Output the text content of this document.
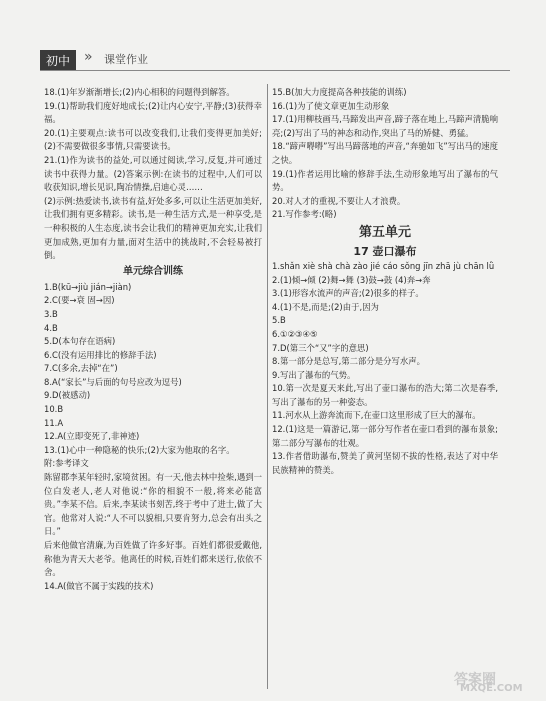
初中 » 课堂作业

18.(1)年岁渐渐增长;(2)内心相积的问题得到解答。

19.(1)帮助我们度好地成长;(2)让内心安宁,平静;(3)获得幸福。

20.(1)主要观点:读书可以改变我们,让我们变得更加美好;(2)不需要做很多事情,只需要读书。

21.(1)作为读书的益处,可以通过阅读,学习,反复,并可通过读书中获得力量。(2)答案示例:在读书的过程中,人们可以收获知识,增长见识,陶冶情操,启迪心灵……

(2)示例:热爱读书,读书有益,好处多多,可以让生活更加美好,让我们拥有更多精彩。读书,是一种生活方式,是一种享受,是一种积极的人生态度,读书会让我们的精神更加充实,让我们更加成熟,更加有力量,面对生活中的挑战时,不会轻易被打倒。

单元综合训练

1.B(kū→jiù jián→jiàn)

2.C(要→衰 固→因)

3.B

4.B

5.D(本句存在语病)

6.C(没有运用排比的修辞手法)

7.C(多余,去掉“在”)

8.A(“家长”与后面的句号应改为逗号)

9.D(被感动)

10.B

11.A

12.A(立即变死了,非神迹)

13.(1)心中一种隐秘的快乐;(2)大家为他取的名字。

附:参考译文

陈留郡李某年轻时,家境贫困。有一天,他去林中捡柴,遇到一位白发老人,老人对他说:“你的相貌不一般,将来必能富贵。”李某不信。后来,李某读书刻苦,终于考中了进士,做了大官。他常对人说:“人不可以貌相,只要肯努力,总会有出头之日。”

后来他做官清廉,为百姓做了许多好事。百姓们都很爱戴他,称他为青天大老爷。他离任的时候,百姓们都来送行,依依不舍。

14.A(做官不属于实践的技术)

15.B(加大力度提高各种技能的训练)

16.(1)为了使文章更加生动形象

17.(1)用柳枝画马,马蹄发出声音,蹄子落在地上,马蹄声清脆响亮;(2)写出了马的神态和动作,突出了马的矫健、勇猛。

18.“蹄声嘚嘚”写出马蹄落地的声音,“奔驰如飞”写出马的速度之快。

19.(1)作者运用比喻的修辞手法,生动形象地写出了瀑布的气势。

20.对人才的重视,不要让人才浪费。

21.写作参考:(略)

第五单元
17 壶口瀑布

1.shǎn xiè shà chà zào jié cáo sǒng jīn zhā jù chān lǜ

2.(1)倾→倾 (2)舞→舞 (3)鼓→鼓 (4)奔→奔

3.(1)形容水流声的声音;(2)很多的样子。

4.(1)不是,而是;(2)由于,因为

5.B

6.①②③④⑤

7.D(第三个“又”字的意思)

8.第一部分是总写,第二部分是分写水声。

9.写出了瀑布的气势。

10.第一次是夏天来此,写出了壶口瀑布的浩大;第二次是春季,写出了瀑布的另一种姿态。

11.河水从上游奔流而下,在壶口这里形成了巨大的瀑布。

12.(1)这是一篇游记,第一部分写作者在壶口看到的瀑布景象;第二部分写瀑布的壮观。

13.作者借助瀑布,赞美了黄河坚韧不拔的性格,表达了对中华民族精神的赞美。

答案圈
MXQE.COM
